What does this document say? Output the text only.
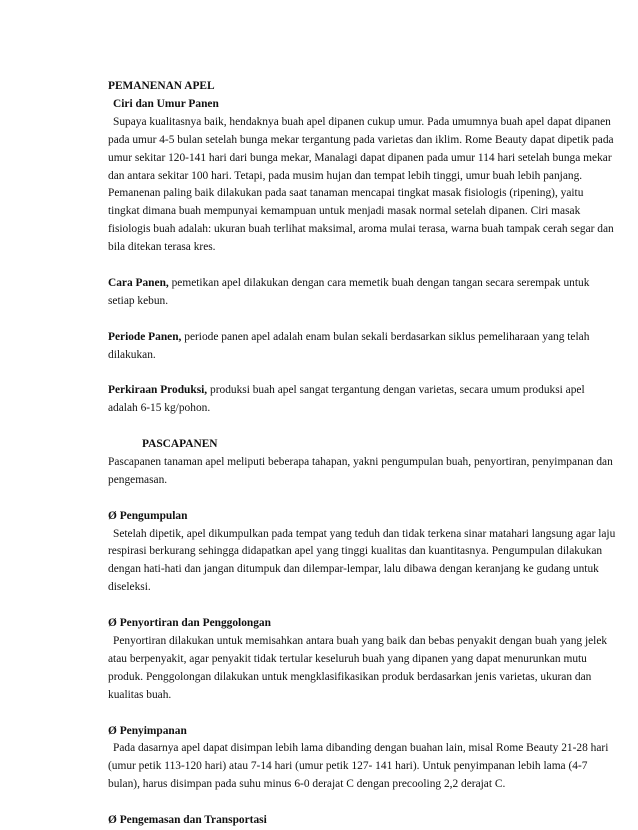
PEMANENAN APEL

Ciri dan Umur Panen

Supaya kualitasnya baik, hendaknya buah apel dipanen cukup umur. Pada umumnya buah apel dapat dipanen pada umur 4-5 bulan setelah bunga mekar tergantung pada varietas dan iklim. Rome Beauty dapat dipetik pada umur sekitar 120-141 hari dari bunga mekar, Manalagi dapat dipanen pada umur 114 hari setelah bunga mekar dan antara sekitar 100 hari. Tetapi, pada musim hujan dan tempat lebih tinggi, umur buah lebih panjang. Pemanenan paling baik dilakukan pada saat tanaman mencapai tingkat masak fisiologis (ripening), yaitu tingkat dimana buah mempunyai kemampuan untuk menjadi masak normal setelah dipanen. Ciri masak fisiologis buah adalah: ukuran buah terlihat maksimal, aroma mulai terasa, warna buah tampak cerah segar dan bila ditekan terasa kres.

Cara Panen, pemetikan apel dilakukan dengan cara memetik buah dengan tangan secara serempak untuk setiap kebun.

Periode Panen, periode panen apel adalah enam bulan sekali berdasarkan siklus pemeliharaan yang telah dilakukan.

Perkiraan Produksi, produksi buah apel sangat tergantung dengan varietas, secara umum produksi apel adalah 6-15 kg/pohon.

PASCAPANEN

Pascapanen tanaman apel meliputi beberapa tahapan, yakni pengumpulan buah, penyortiran, penyimpanan dan pengemasan.

Ø Pengumpulan

Setelah dipetik, apel dikumpulkan pada tempat yang teduh dan tidak terkena sinar matahari langsung agar laju respirasi berkurang sehingga didapatkan apel yang tinggi kualitas dan kuantitasnya. Pengumpulan dilakukan dengan hati-hati dan jangan ditumpuk dan dilempar-lempar, lalu dibawa dengan keranjang ke gudang untuk diseleksi.

Ø Penyortiran dan Penggolongan

Penyortiran dilakukan untuk memisahkan antara buah yang baik dan bebas penyakit dengan buah yang jelek atau berpenyakit, agar penyakit tidak tertular keseluruh buah yang dipanen yang dapat menurunkan mutu produk. Penggolongan dilakukan untuk mengklasifikasikan produk berdasarkan jenis varietas, ukuran dan kualitas buah.

Ø Penyimpanan

Pada dasarnya apel dapat disimpan lebih lama dibanding dengan buahan lain, misal Rome Beauty 21-28 hari (umur petik 113-120 hari) atau 7-14 hari (umur petik 127- 141 hari). Untuk penyimpanan lebih lama (4-7 bulan), harus disimpan pada suhu minus 6-0 derajat C dengan precooling 2,2 derajat C.

Ø Pengemasan dan Transportasi
